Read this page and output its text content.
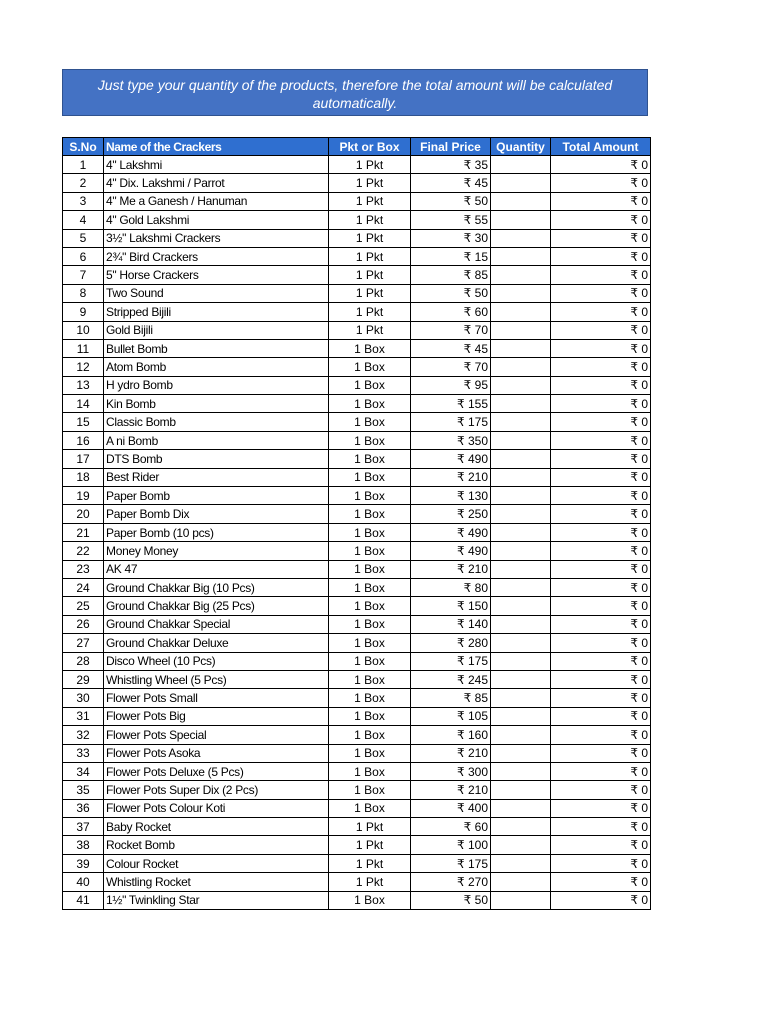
Just type your quantity of the products, therefore the total amount will be calculated automatically.
S.No	Name of the Crackers	Pkt or Box	Final Price	Quantity	Total Amount
1	4" Lakshmi	1 Pkt	₹ 35		₹ 0
2	4" Dix. Lakshmi / Parrot	1 Pkt	₹ 45		₹ 0
3	4" Me a Ganesh / Hanuman	1 Pkt	₹ 50		₹ 0
4	4" Gold Lakshmi	1 Pkt	₹ 55		₹ 0
5	3½" Lakshmi Crackers	1 Pkt	₹ 30		₹ 0
6	2¾" Bird Crackers	1 Pkt	₹ 15		₹ 0
7	5" Horse Crackers	1 Pkt	₹ 85		₹ 0
8	Two Sound	1 Pkt	₹ 50		₹ 0
9	Stripped Bijili	1 Pkt	₹ 60		₹ 0
10	Gold Bijili	1 Pkt	₹ 70		₹ 0
11	Bullet Bomb	1 Box	₹ 45		₹ 0
12	Atom Bomb	1 Box	₹ 70		₹ 0
13	H ydro Bomb	1 Box	₹ 95		₹ 0
14	Kin Bomb	1 Box	₹ 155		₹ 0
15	Classic Bomb	1 Box	₹ 175		₹ 0
16	A ni Bomb	1 Box	₹ 350		₹ 0
17	DTS Bomb	1 Box	₹ 490		₹ 0
18	Best Rider	1 Box	₹ 210		₹ 0
19	Paper Bomb	1 Box	₹ 130		₹ 0
20	Paper Bomb Dix	1 Box	₹ 250		₹ 0
21	Paper Bomb (10 pcs)	1 Box	₹ 490		₹ 0
22	Money Money	1 Box	₹ 490		₹ 0
23	AK 47	1 Box	₹ 210		₹ 0
24	Ground Chakkar Big (10 Pcs)	1 Box	₹ 80		₹ 0
25	Ground Chakkar Big (25 Pcs)	1 Box	₹ 150		₹ 0
26	Ground Chakkar Special	1 Box	₹ 140		₹ 0
27	Ground Chakkar Deluxe	1 Box	₹ 280		₹ 0
28	Disco Wheel (10 Pcs)	1 Box	₹ 175		₹ 0
29	Whistling Wheel (5 Pcs)	1 Box	₹ 245		₹ 0
30	Flower Pots Small	1 Box	₹ 85		₹ 0
31	Flower Pots Big	1 Box	₹ 105		₹ 0
32	Flower Pots Special	1 Box	₹ 160		₹ 0
33	Flower Pots Asoka	1 Box	₹ 210		₹ 0
34	Flower Pots Deluxe (5 Pcs)	1 Box	₹ 300		₹ 0
35	Flower Pots Super Dix (2 Pcs)	1 Box	₹ 210		₹ 0
36	Flower Pots Colour Koti	1 Box	₹ 400		₹ 0
37	Baby Rocket	1 Pkt	₹ 60		₹ 0
38	Rocket Bomb	1 Pkt	₹ 100		₹ 0
39	Colour Rocket	1 Pkt	₹ 175		₹ 0
40	Whistling Rocket	1 Pkt	₹ 270		₹ 0
41	1½" Twinkling Star	1 Box	₹ 50		₹ 0
